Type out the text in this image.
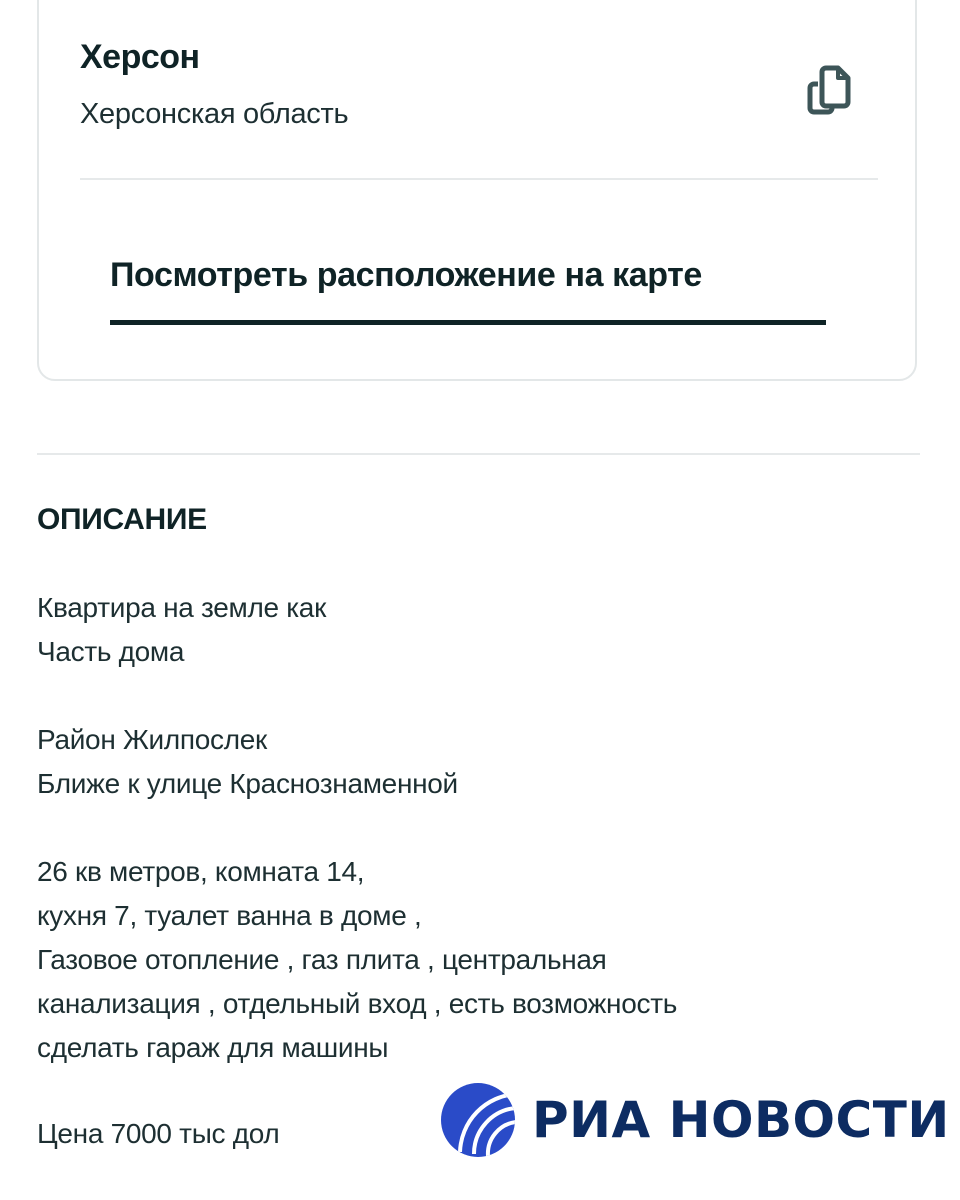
Херсон
Херсонская область
Посмотреть расположение на карте
ОПИСАНИЕ
Квартира на земле как
Часть дома
Район Жилпослек
Ближе к улице Краснознаменной
26 кв метров, комната 14,
кухня 7, туалет ванна в доме ,
Газовое отопление , газ плита , центральная
канализация , отдельный вход , есть возможность
сделать гараж для машины
Цена 7000 тыс дол	РИА НОВОСТИ
